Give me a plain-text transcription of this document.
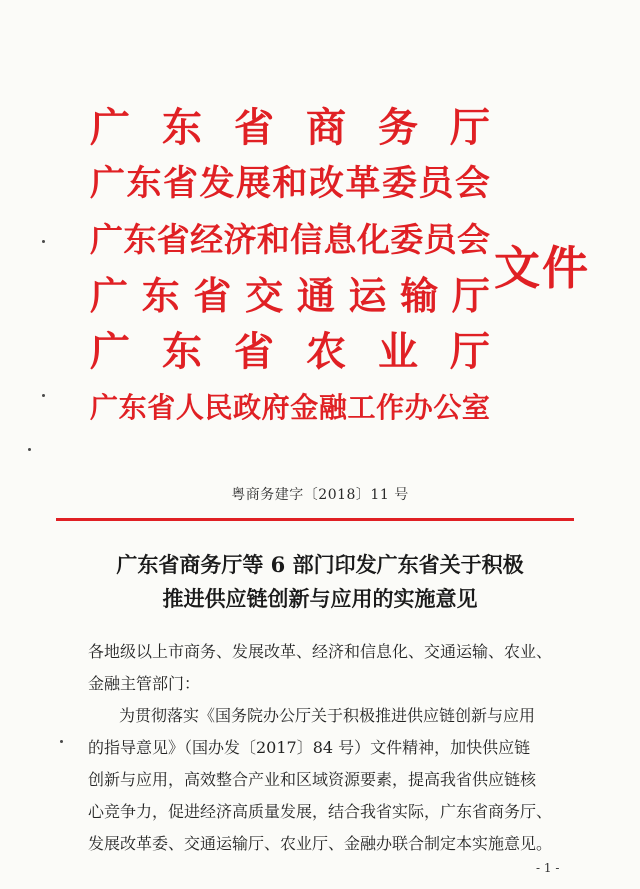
广 东 省 商 务 厅
广 东 省 发 展 和 改 革 委 员 会
广 东 省 经 济 和 信 息 化 委 员 会
广 东 省 交 通 运 输 厅
广 东 省 农 业 厅
广 东 省 人 民 政 府 金 融 工 作 办 公 室
文件
粤商务建字〔2018〕11 号
广东省商务厅等 6 部门印发广东省关于积极
推进供应链创新与应用的实施意见
各地级以上市商务、发展改革、经济和信息化、交通运输、农业、
金融主管部门：
为贯彻落实《国务院办公厅关于积极推进供应链创新与应用
的指导意见》（国办发〔2017〕84 号）文件精神，加快供应链
创新与应用，高效整合产业和区域资源要素，提高我省供应链核
心竞争力，促进经济高质量发展，结合我省实际，广东省商务厅、
发展改革委、交通运输厅、农业厅、金融办联合制定本实施意见。
- 1 -
